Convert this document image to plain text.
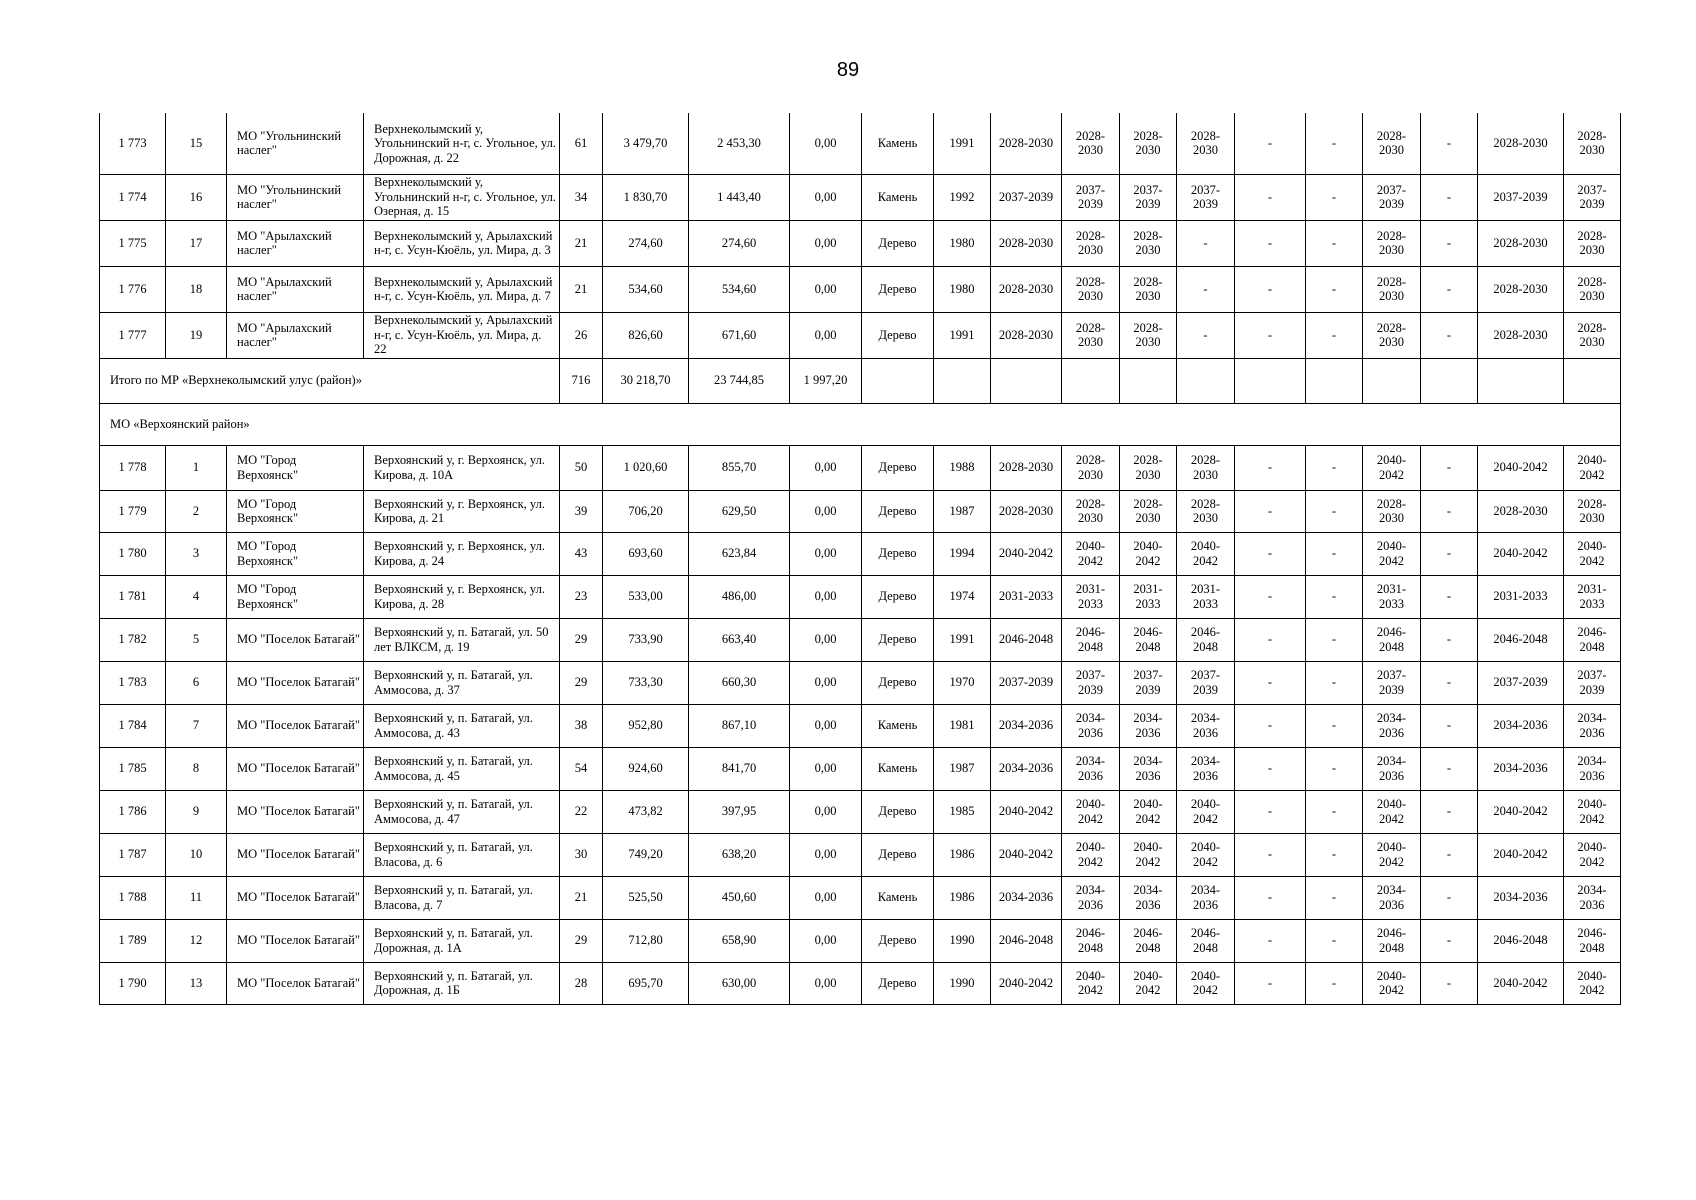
89
1 773	15	МО "Угольнинский наслег"	Верхнеколымский у, Угольнинский н-г, с. Угольное, ул. Дорожная, д. 22	61	3 479,70	2 453,30	0,00	Камень	1991	2028-2030	2028-2030	2028-2030	2028-2030	-	-	2028-2030	-	2028-2030	2028-2030
1 774	16	МО "Угольнинский наслег"	Верхнеколымский у, Угольнинский н-г, с. Угольное, ул. Озерная, д. 15	34	1 830,70	1 443,40	0,00	Камень	1992	2037-2039	2037-2039	2037-2039	2037-2039	-	-	2037-2039	-	2037-2039	2037-2039
1 775	17	МО "Арылахский наслег"	Верхнеколымский у, Арылахский н-г, с. Усун-Кюёль, ул. Мира, д. 3	21	274,60	274,60	0,00	Дерево	1980	2028-2030	2028-2030	2028-2030	-	-	-	2028-2030	-	2028-2030	2028-2030
1 776	18	МО "Арылахский наслег"	Верхнеколымский у, Арылахский н-г, с. Усун-Кюёль, ул. Мира, д. 7	21	534,60	534,60	0,00	Дерево	1980	2028-2030	2028-2030	2028-2030	-	-	-	2028-2030	-	2028-2030	2028-2030
1 777	19	МО "Арылахский наслег"	Верхнеколымский у, Арылахский н-г, с. Усун-Кюёль, ул. Мира, д. 22	26	826,60	671,60	0,00	Дерево	1991	2028-2030	2028-2030	2028-2030	-	-	-	2028-2030	-	2028-2030	2028-2030
Итого по МР «Верхнеколымский улус (район)»				716	30 218,70	23 744,85	1 997,20												
МО «Верхоянский район»																			
1 778	1	МО "Город Верхоянск"	Верхоянский у, г. Верхоянск, ул. Кирова, д. 10А	50	1 020,60	855,70	0,00	Дерево	1988	2028-2030	2028-2030	2028-2030	2028-2030	-	-	2040-2042	-	2040-2042	2040-2042
1 779	2	МО "Город Верхоянск"	Верхоянский у, г. Верхоянск, ул. Кирова, д. 21	39	706,20	629,50	0,00	Дерево	1987	2028-2030	2028-2030	2028-2030	2028-2030	-	-	2028-2030	-	2028-2030	2028-2030
1 780	3	МО "Город Верхоянск"	Верхоянский у, г. Верхоянск, ул. Кирова, д. 24	43	693,60	623,84	0,00	Дерево	1994	2040-2042	2040-2042	2040-2042	2040-2042	-	-	2040-2042	-	2040-2042	2040-2042
1 781	4	МО "Город Верхоянск"	Верхоянский у, г. Верхоянск, ул. Кирова, д. 28	23	533,00	486,00	0,00	Дерево	1974	2031-2033	2031-2033	2031-2033	2031-2033	-	-	2031-2033	-	2031-2033	2031-2033
1 782	5	МО "Поселок Батагай"	Верхоянский у, п. Батагай, ул. 50 лет ВЛКСМ, д. 19	29	733,90	663,40	0,00	Дерево	1991	2046-2048	2046-2048	2046-2048	2046-2048	-	-	2046-2048	-	2046-2048	2046-2048
1 783	6	МО "Поселок Батагай"	Верхоянский у, п. Батагай, ул. Аммосова, д. 37	29	733,30	660,30	0,00	Дерево	1970	2037-2039	2037-2039	2037-2039	2037-2039	-	-	2037-2039	-	2037-2039	2037-2039
1 784	7	МО "Поселок Батагай"	Верхоянский у, п. Батагай, ул. Аммосова, д. 43	38	952,80	867,10	0,00	Камень	1981	2034-2036	2034-2036	2034-2036	2034-2036	-	-	2034-2036	-	2034-2036	2034-2036
1 785	8	МО "Поселок Батагай"	Верхоянский у, п. Батагай, ул. Аммосова, д. 45	54	924,60	841,70	0,00	Камень	1987	2034-2036	2034-2036	2034-2036	2034-2036	-	-	2034-2036	-	2034-2036	2034-2036
1 786	9	МО "Поселок Батагай"	Верхоянский у, п. Батагай, ул. Аммосова, д. 47	22	473,82	397,95	0,00	Дерево	1985	2040-2042	2040-2042	2040-2042	2040-2042	-	-	2040-2042	-	2040-2042	2040-2042
1 787	10	МО "Поселок Батагай"	Верхоянский у, п. Батагай, ул. Власова, д. 6	30	749,20	638,20	0,00	Дерево	1986	2040-2042	2040-2042	2040-2042	2040-2042	-	-	2040-2042	-	2040-2042	2040-2042
1 788	11	МО "Поселок Батагай"	Верхоянский у, п. Батагай, ул. Власова, д. 7	21	525,50	450,60	0,00	Камень	1986	2034-2036	2034-2036	2034-2036	2034-2036	-	-	2034-2036	-	2034-2036	2034-2036
1 789	12	МО "Поселок Батагай"	Верхоянский у, п. Батагай, ул. Дорожная, д. 1А	29	712,80	658,90	0,00	Дерево	1990	2046-2048	2046-2048	2046-2048	2046-2048	-	-	2046-2048	-	2046-2048	2046-2048
1 790	13	МО "Поселок Батагай"	Верхоянский у, п. Батагай, ул. Дорожная, д. 1Б	28	695,70	630,00	0,00	Дерево	1990	2040-2042	2040-2042	2040-2042	2040-2042	-	-	2040-2042	-	2040-2042	2040-2042
